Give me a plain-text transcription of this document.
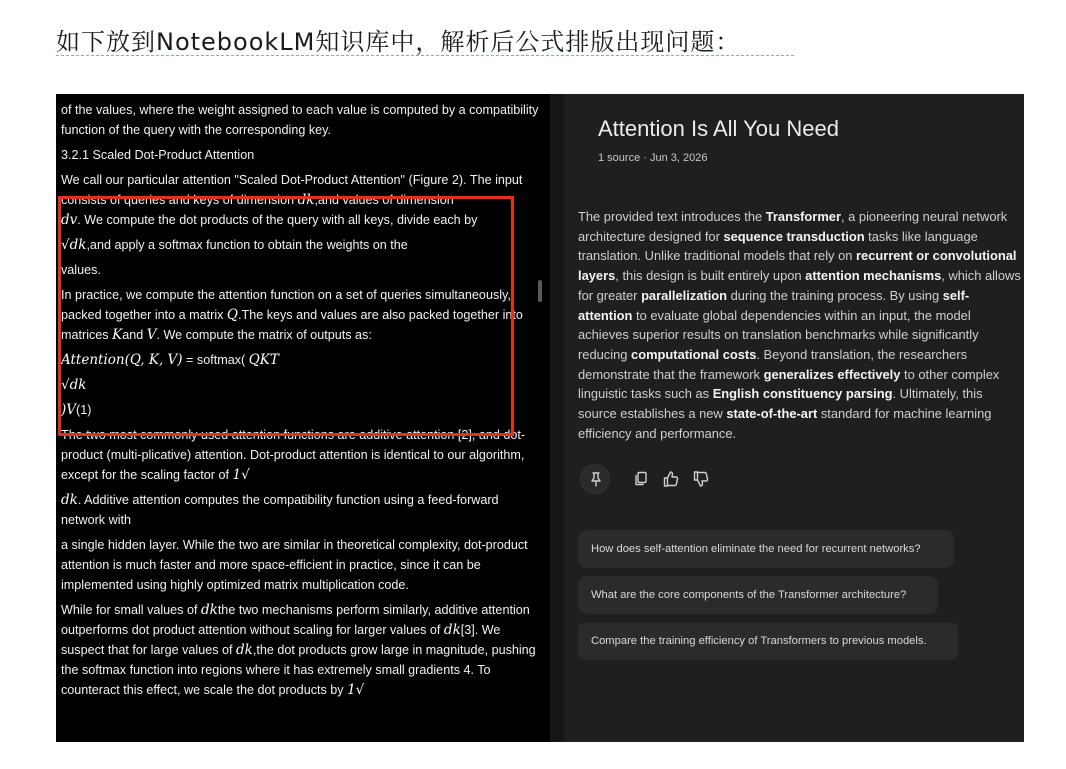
如下放到NotebookLM知识库中，解析后公式排版出现问题：

of the values, where the weight assigned to each value is computed by a compatibility function of the query with the corresponding key.

3.2.1 Scaled Dot-Product Attention

We call our particular attention "Scaled Dot-Product Attention" (Figure 2). The input consists of queries and keys of dimension dk,and values of dimension
dv. We compute the dot products of the query with all keys, divide each by

√dk,and apply a softmax function to obtain the weights on the

values.

In practice, we compute the attention function on a set of queries simultaneously, packed together into a matrix Q.The keys and values are also packed together into matrices Kand V. We compute the matrix of outputs as:

Attention(Q, K, V) = softmax( QKT

√dk

)V(1)

The two most commonly used attention functions are additive attention [2], and dot-product (multi-plicative) attention. Dot-product attention is identical to our algorithm, except for the scaling factor of 1√

dk. Additive attention computes the compatibility function using a feed-forward network with

a single hidden layer. While the two are similar in theoretical complexity, dot-product attention is much faster and more space-efficient in practice, since it can be implemented using highly optimized matrix multiplication code.

While for small values of dkthe two mechanisms perform similarly, additive attention outperforms dot product attention without scaling for larger values of dk[3]. We suspect that for large values of dk,the dot products grow large in magnitude, pushing the softmax function into regions where it has extremely small gradients 4. To counteract this effect, we scale the dot products by 1√

Attention Is All You Need
1 source · Jun 3, 2026
The provided text introduces the Transformer, a pioneering neural network architecture designed for sequence transduction tasks like language translation. Unlike traditional models that rely on recurrent or convolutional layers, this design is built entirely upon attention mechanisms, which allows for greater parallelization during the training process. By using self-attention to evaluate global dependencies within an input, the model achieves superior results on translation benchmarks while significantly reducing computational costs. Beyond translation, the researchers demonstrate that the framework generalizes effectively to other complex linguistic tasks such as English constituency parsing. Ultimately, this source establishes a new state-of-the-art standard for machine learning efficiency and performance.
How does self-attention eliminate the need for recurrent networks?
What are the core components of the Transformer architecture?
Compare the training efficiency of Transformers to previous models.
